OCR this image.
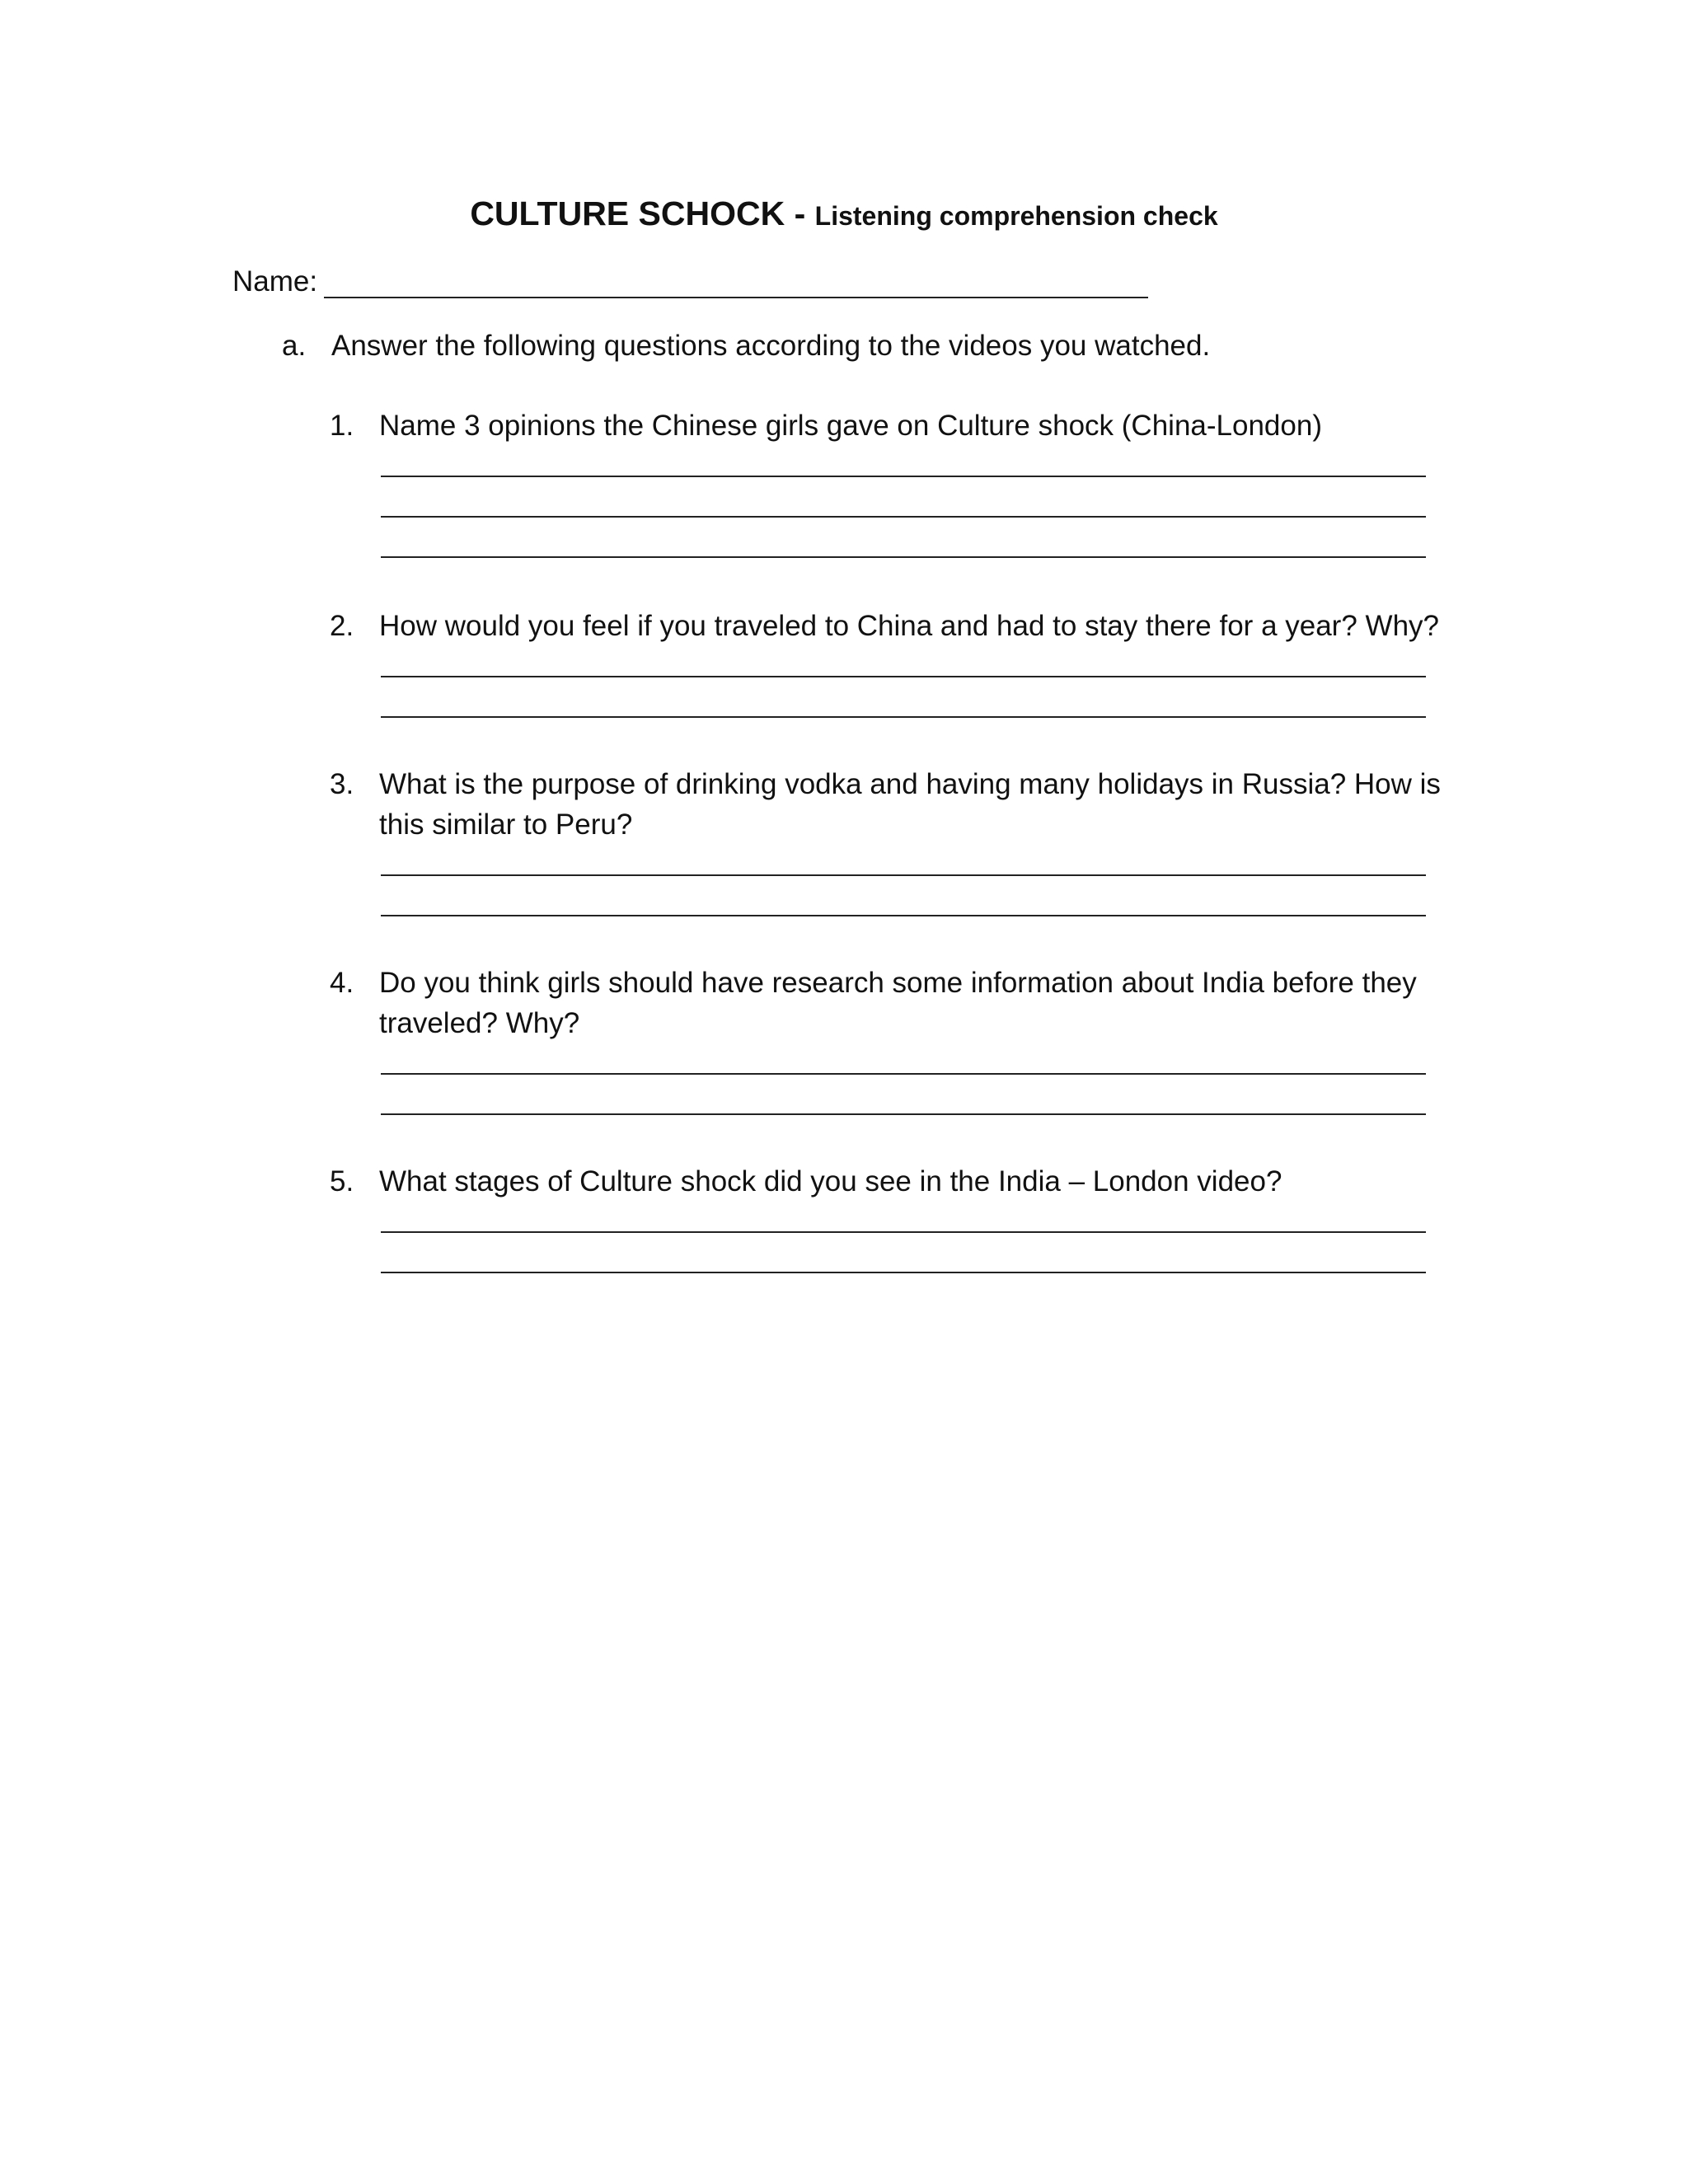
CULTURE SCHOCK - Listening comprehension check
Name:
a. Answer the following questions according to the videos you watched.
1. Name 3 opinions the Chinese girls gave on Culture shock (China-London)
2. How would you feel if you traveled to China and had to stay there for a year? Why?
3. What is the purpose of drinking vodka and having many holidays in Russia? How is this similar to Peru?
4. Do you think girls should have research some information about India before they traveled? Why?
5. What stages of Culture shock did you see in the India – London video?
